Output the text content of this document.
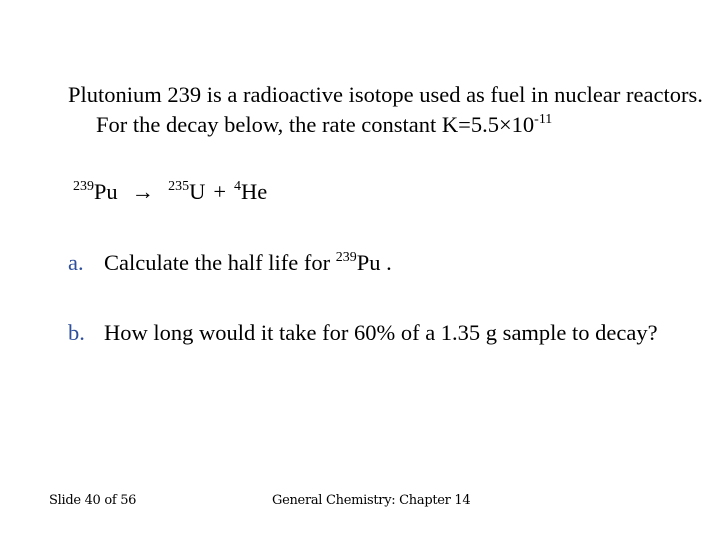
Plutonium 239 is a radioactive isotope used as fuel in nuclear reactors. For the decay below, the rate constant $K=5.5\times 10^{-11}$
$^{239}$Pu → $^{235}$U + $^4$He
a. Calculate the half life for $^{239}$Pu .
b. How long would it take for 60% of a 1.35 g sample to decay?
Slide 40 of 56	General Chemistry: Chapter 14
